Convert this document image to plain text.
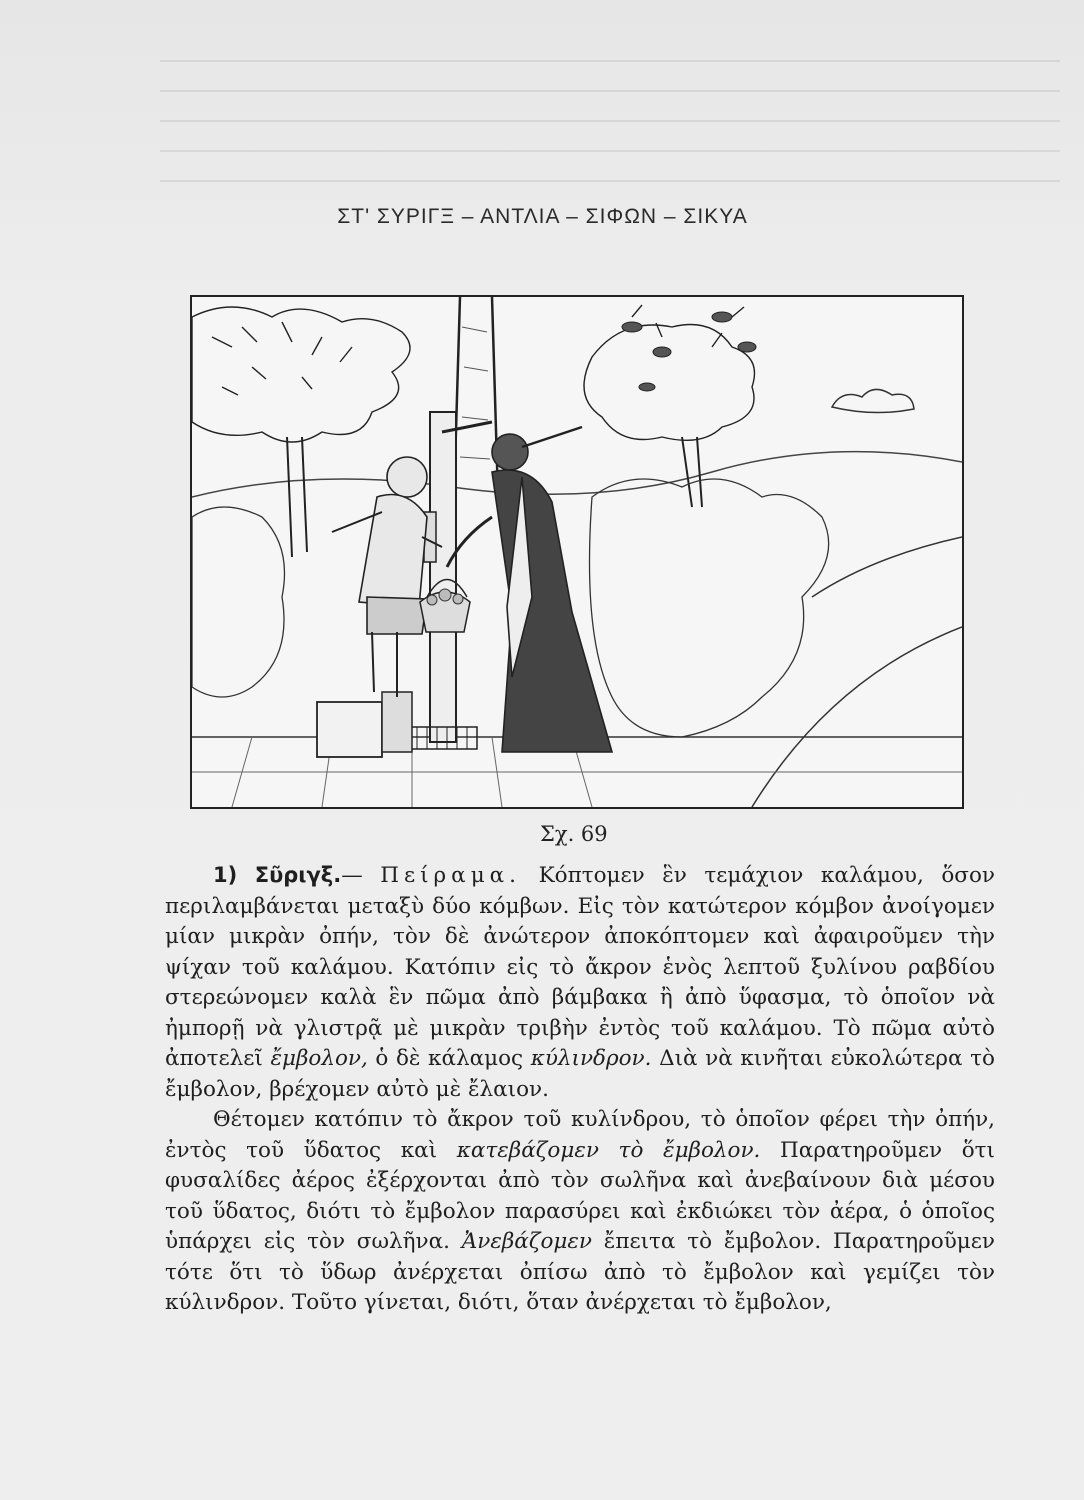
ΣΤ' ΣΥΡΙΓΞ – ΑΝΤΛΙΑ – ΣΙΦΩΝ – ΣΙΚΥΑ
Σχ. 69

1) Σῦριγξ.— Πείραμα. Κόπτομεν ἓν τεμάχιον καλάμου, ὅσον περιλαμβάνεται μεταξὺ δύο κόμβων. Εἰς τὸν κατώτερον κόμβον ἀνοίγομεν μίαν μικρὰν ὀπήν, τὸν δὲ ἀνώτερον ἀποκόπτομεν καὶ ἀφαιροῦμεν τὴν ψίχαν τοῦ καλάμου. Κατόπιν εἰς τὸ ἄκρον ἑνὸς λεπτοῦ ξυλίνου ραβδίου στερεώνομεν καλὰ ἓν πῶμα ἀπὸ βάμβακα ἢ ἀπὸ ὕφασμα, τὸ ὁποῖον νὰ ἠμπορῇ νὰ γλιστρᾷ μὲ μικρὰν τριβὴν ἐντὸς τοῦ καλάμου. Τὸ πῶμα αὐτὸ ἀποτελεῖ ἔμβολον, ὁ δὲ κάλαμος κύλινδρον. Διὰ νὰ κινῆται εὐκολώτερα τὸ ἔμβολον, βρέχομεν αὐτὸ μὲ ἔλαιον.

Θέτομεν κατόπιν τὸ ἄκρον τοῦ κυλίνδρου, τὸ ὁποῖον φέρει τὴν ὀπήν, ἐντὸς τοῦ ὕδατος καὶ κατεβάζομεν τὸ ἔμβολον. Παρατηροῦμεν ὅτι φυσαλίδες ἀέρος ἐξέρχονται ἀπὸ τὸν σωλῆνα καὶ ἀνεβαίνουν διὰ μέσου τοῦ ὕδατος, διότι τὸ ἔμβολον παρασύρει καὶ ἐκδιώκει τὸν ἀέρα, ὁ ὁποῖος ὑπάρχει εἰς τὸν σωλῆνα. Ἀνεβάζομεν ἔπειτα τὸ ἔμβολον. Παρατηροῦμεν τότε ὅτι τὸ ὕδωρ ἀνέρχεται ὀπίσω ἀπὸ τὸ ἔμβολον καὶ γεμίζει τὸν κύλινδρον. Τοῦτο γίνεται, διότι, ὅταν ἀνέρχεται τὸ ἔμβολον,
